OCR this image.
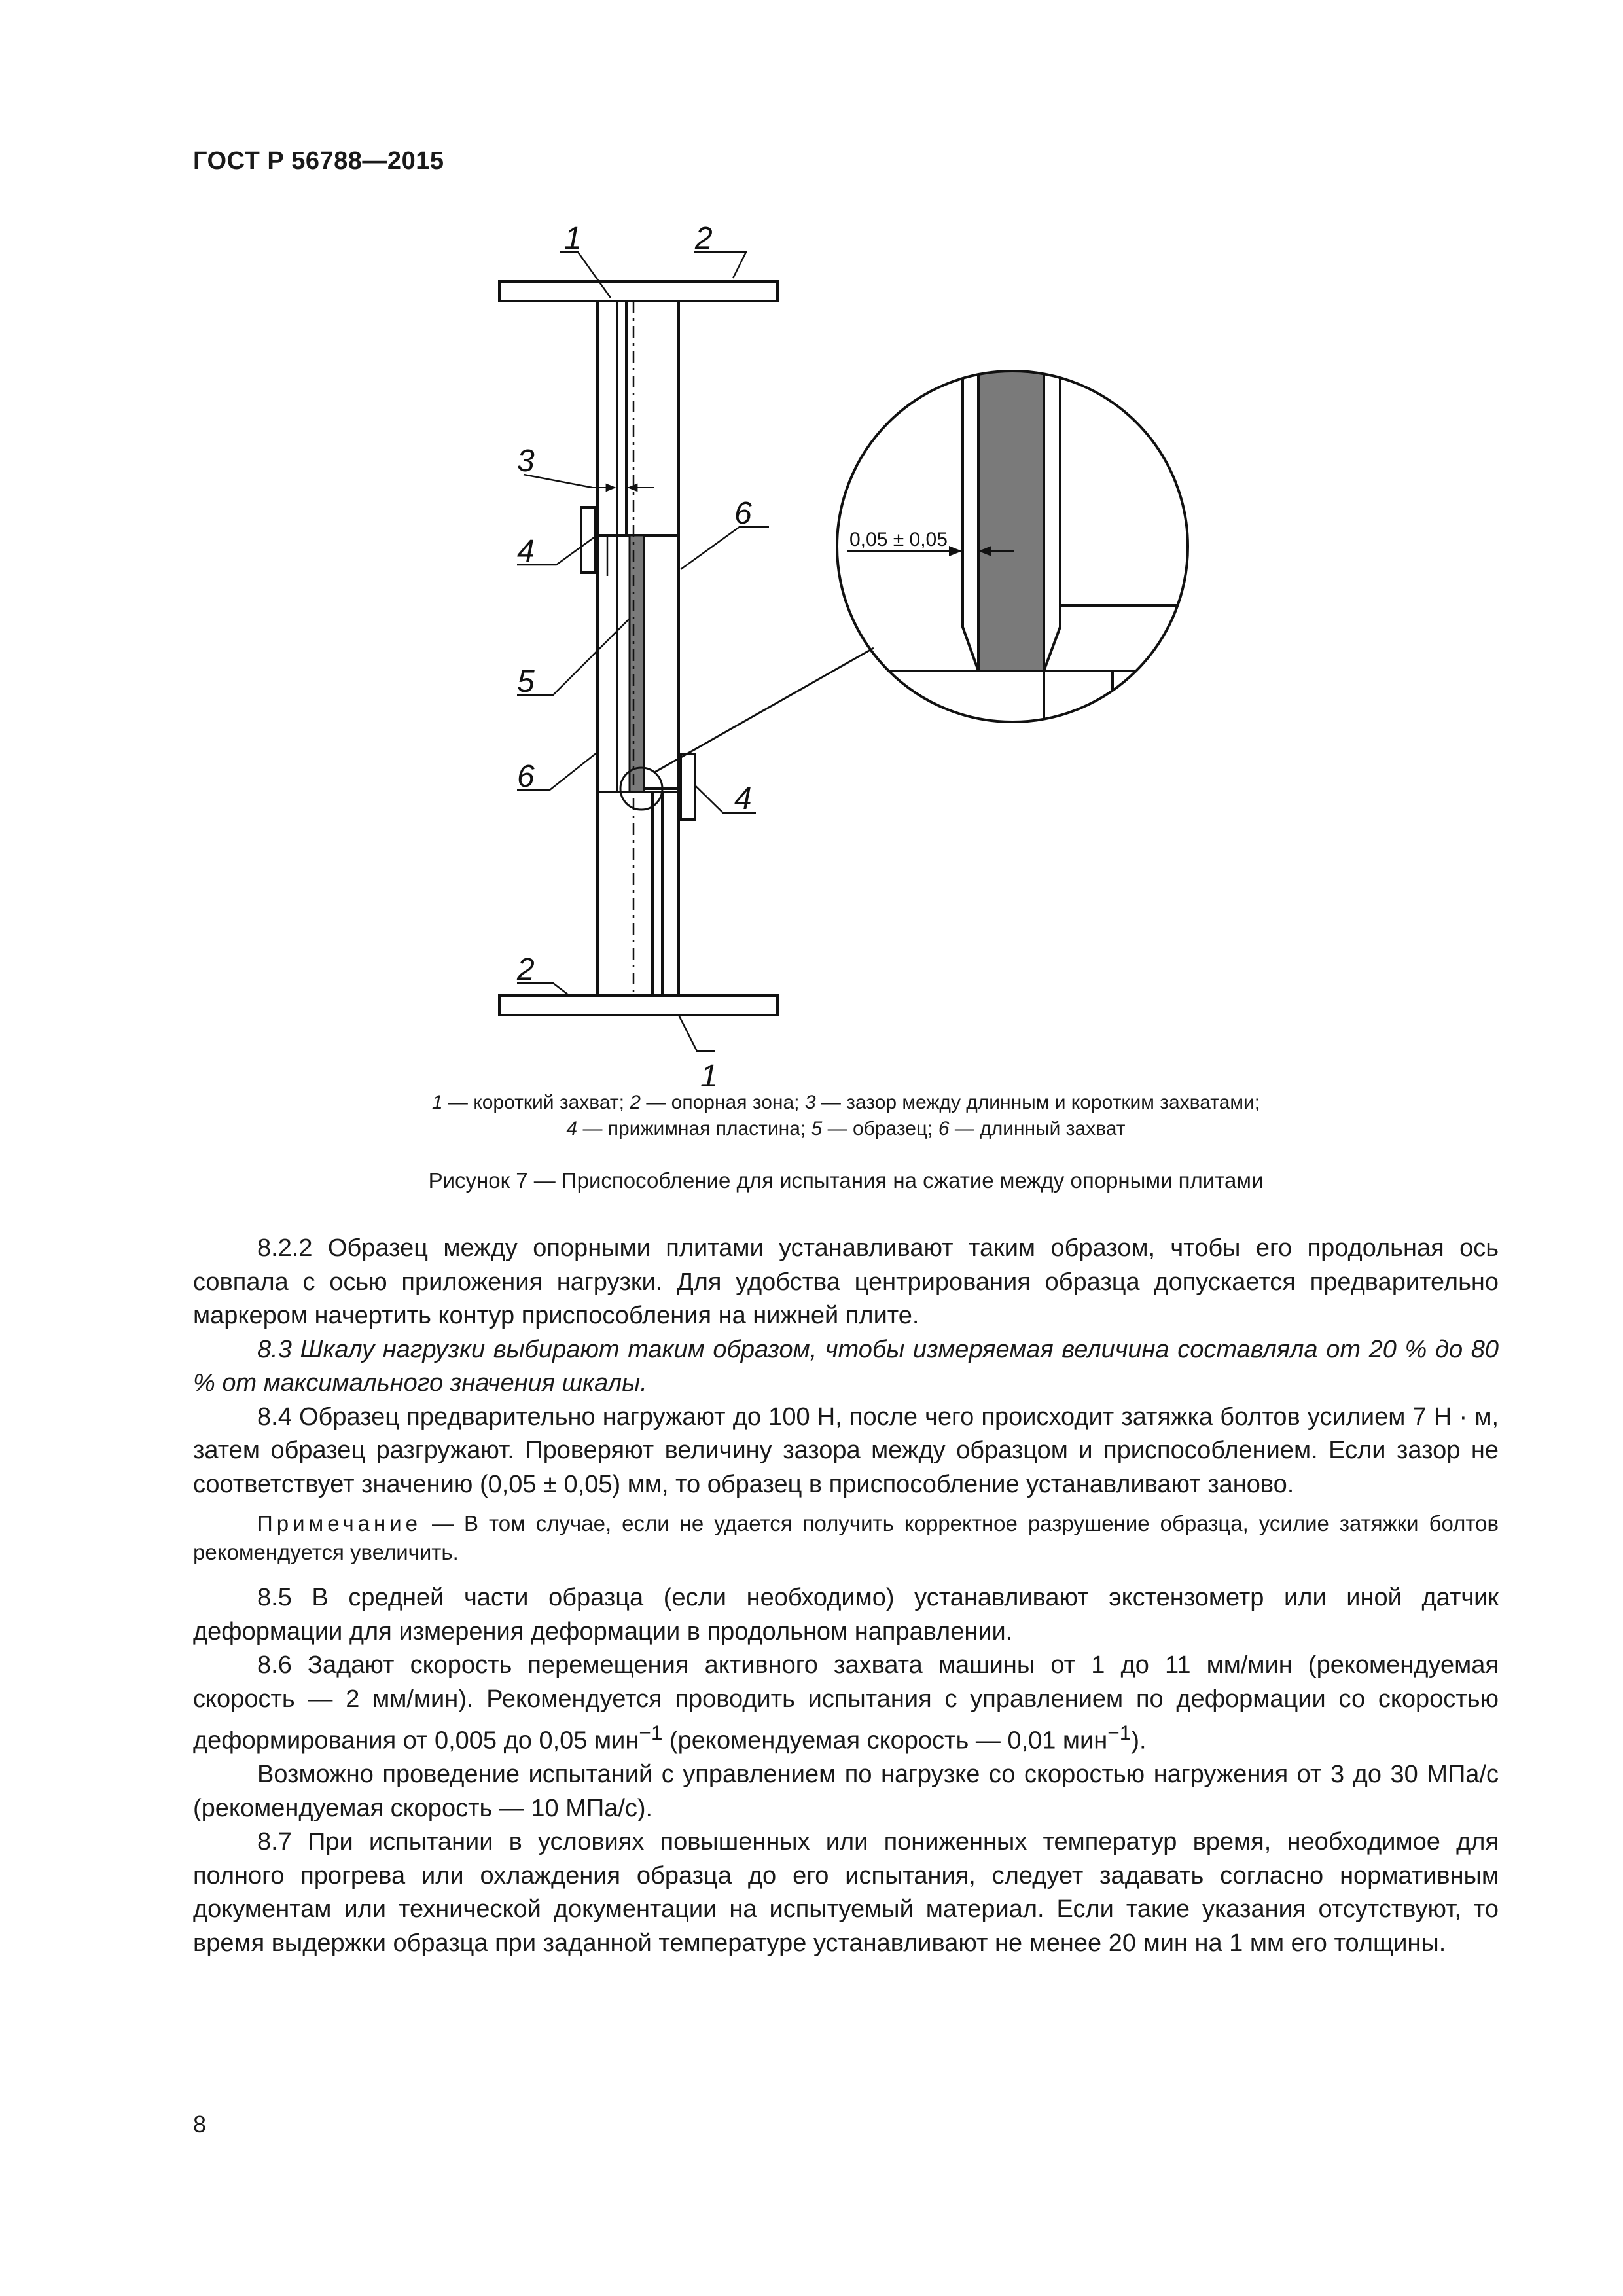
ГОСТ Р 56788—2015
0,05 ± 0,05
1	2
3
4
6
5
6
4
2
1
1 — короткий захват; 2 — опорная зона; 3 — зазор между длинным и коротким захватами;
4 — прижимная пластина; 5 — образец; 6 — длинный захват
Рисунок 7 — Приспособление для испытания на сжатие между опорными плитами

8.2.2 Образец между опорными плитами устанавливают таким образом, чтобы его продольная ось совпала с осью приложения нагрузки. Для удобства центрирования образца допускается предварительно маркером начертить контур приспособления на нижней плите.

8.3 Шкалу нагрузки выбирают таким образом, чтобы измеряемая величина составляла от 20 % до 80 % от максимального значения шкалы.

8.4 Образец предварительно нагружают до 100 Н, после чего происходит затяжка болтов усилием 7 Н · м, затем образец разгружают. Проверяют величину зазора между образцом и приспособлением. Если зазор не соответствует значению (0,05 ± 0,05) мм, то образец в приспособление устанавливают заново.

Примечание — В том случае, если не удается получить корректное разрушение образца, усилие затяжки болтов рекомендуется увеличить.

8.5 В средней части образца (если необходимо) устанавливают экстензометр или иной датчик деформации для измерения деформации в продольном направлении.

8.6 Задают скорость перемещения активного захвата машины от 1 до 11 мм/мин (рекомендуемая скорость — 2 мм/мин). Рекомендуется проводить испытания с управлением по деформации со скоростью деформирования от 0,005 до 0,05 мин$^{-1}$ (рекомендуемая скорость — 0,01 мин$^{-1}$).

Возможно проведение испытаний с управлением по нагрузке со скоростью нагружения от 3 до 30 МПа/с (рекомендуемая скорость — 10 МПа/с).

8.7 При испытании в условиях повышенных или пониженных температур время, необходимое для полного прогрева или охлаждения образца до его испытания, следует задавать согласно нормативным документам или технической документации на испытуемый материал. Если такие указания отсутствуют, то время выдержки образца при заданной температуре устанавливают не менее 20 мин на 1 мм его толщины.

8
